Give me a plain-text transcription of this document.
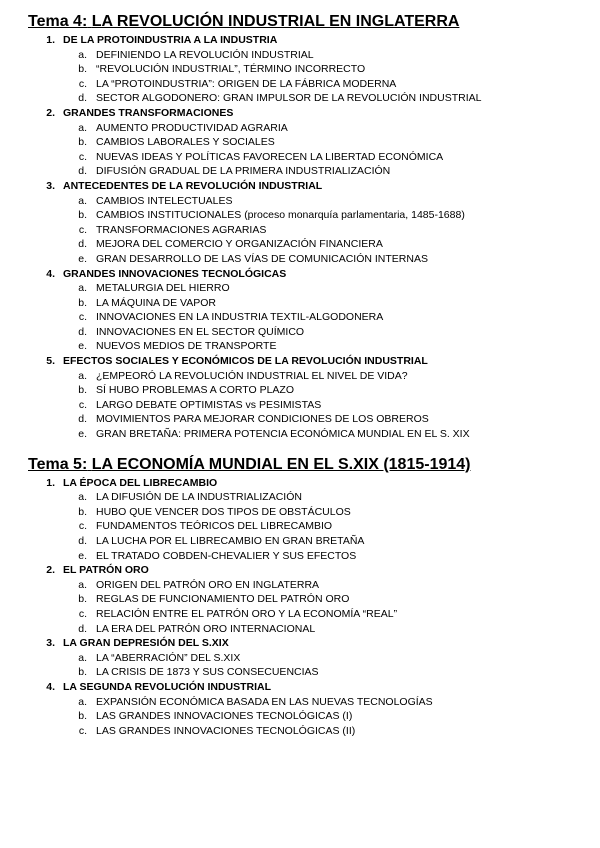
Tema 4: LA REVOLUCIÓN INDUSTRIAL EN INGLATERRA
1. DE LA PROTOINDUSTRIA A LA INDUSTRIA
a. DEFINIENDO LA REVOLUCIÓN INDUSTRIAL
b. “REVOLUCIÓN INDUSTRIAL”, TÉRMINO INCORRECTO
c. LA “PROTOINDUSTRIA”: ORIGEN DE LA FÁBRICA MODERNA
d. SECTOR ALGODONERO: GRAN IMPULSOR DE LA REVOLUCIÓN INDUSTRIAL
2. GRANDES TRANSFORMACIONES
a. AUMENTO PRODUCTIVIDAD AGRARIA
b. CAMBIOS LABORALES Y SOCIALES
c. NUEVAS IDEAS Y POLÍTICAS FAVORECEN LA LIBERTAD ECONÓMICA
d. DIFUSIÓN GRADUAL DE LA PRIMERA INDUSTRIALIZACIÓN
3. ANTECEDENTES DE LA REVOLUCIÓN INDUSTRIAL
a. CAMBIOS INTELECTUALES
b. CAMBIOS INSTITUCIONALES (proceso monarquía parlamentaria, 1485-1688)
c. TRANSFORMACIONES AGRARIAS
d. MEJORA DEL COMERCIO Y ORGANIZACIÓN FINANCIERA
e. GRAN DESARROLLO DE LAS VÍAS DE COMUNICACIÓN INTERNAS
4. GRANDES INNOVACIONES TECNOLÓGICAS
a. METALURGIA DEL HIERRO
b. LA MÁQUINA DE VAPOR
c. INNOVACIONES EN LA INDUSTRIA TEXTIL-ALGODONERA
d. INNOVACIONES EN EL SECTOR QUÍMICO
e. NUEVOS MEDIOS DE TRANSPORTE
5. EFECTOS SOCIALES Y ECONÓMICOS DE LA REVOLUCIÓN INDUSTRIAL
a. ¿EMPEORÓ LA REVOLUCIÓN INDUSTRIAL EL NIVEL DE VIDA?
b. SÍ HUBO PROBLEMAS A CORTO PLAZO
c. LARGO DEBATE OPTIMISTAS vs PESIMISTAS
d. MOVIMIENTOS PARA MEJORAR CONDICIONES DE LOS OBREROS
e. GRAN BRETAÑA: PRIMERA POTENCIA ECONÓMICA MUNDIAL EN EL S. XIX
Tema 5: LA ECONOMÍA MUNDIAL EN EL S.XIX (1815-1914)
1. LA ÉPOCA DEL LIBRECAMBIO
a. LA DIFUSIÓN DE LA INDUSTRIALIZACIÓN
b. HUBO QUE VENCER DOS TIPOS DE OBSTÁCULOS
c. FUNDAMENTOS TEÓRICOS DEL LIBRECAMBIO
d. LA LUCHA POR EL LIBRECAMBIO EN GRAN BRETAÑA
e. EL TRATADO COBDEN-CHEVALIER Y SUS EFECTOS
2. EL PATRÓN ORO
a. ORIGEN DEL PATRÓN ORO EN INGLATERRA
b. REGLAS DE FUNCIONAMIENTO DEL PATRÓN ORO
c. RELACIÓN ENTRE EL PATRÓN ORO Y LA ECONOMÍA “REAL”
d. LA ERA DEL PATRÓN ORO INTERNACIONAL
3. LA GRAN DEPRESIÓN DEL S.XIX
a. LA “ABERRACIÓN” DEL S.XIX
b. LA CRISIS DE 1873 Y SUS CONSECUENCIAS
4. LA SEGUNDA REVOLUCIÓN INDUSTRIAL
a. EXPANSIÓN ECONÓMICA BASADA EN LAS NUEVAS TECNOLOGÍAS
b. LAS GRANDES INNOVACIONES TECNOLÓGICAS (I)
c. LAS GRANDES INNOVACIONES TECNOLÓGICAS (II)
